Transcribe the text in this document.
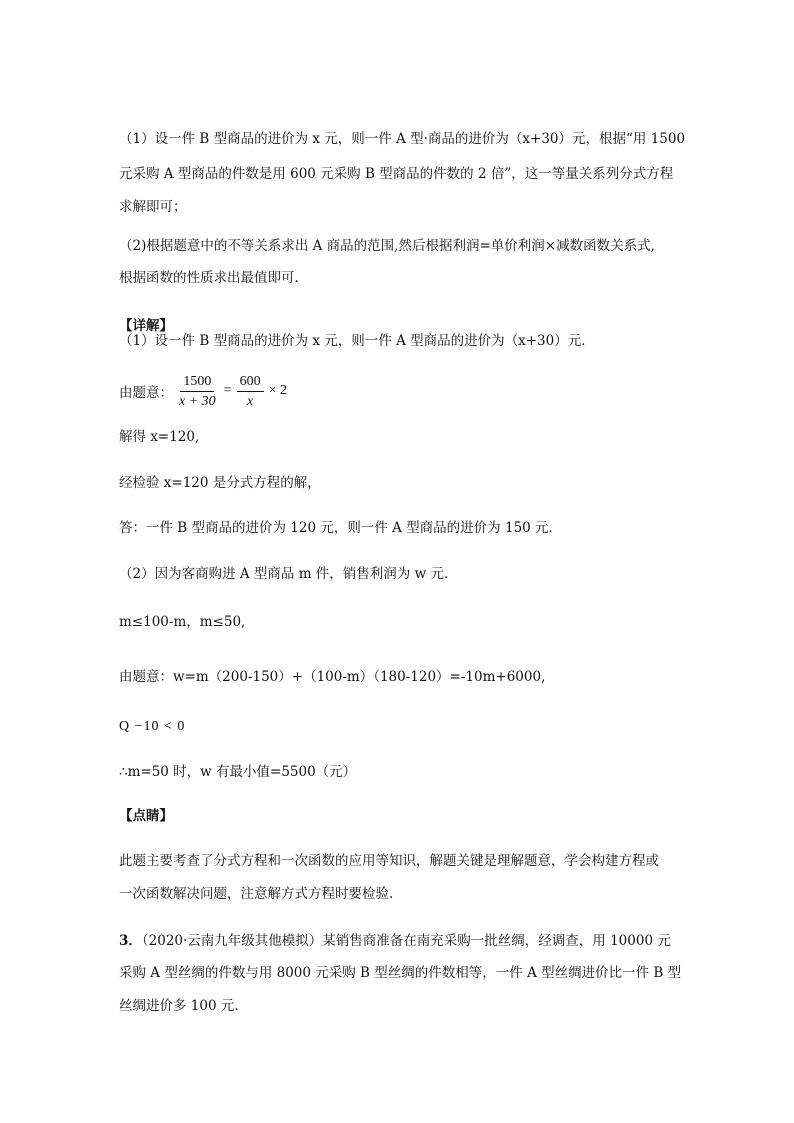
（1）设一件 B 型商品的进价为 x 元，则一件 A 型·商品的进价为（x+30）元，根据“用 1500
元采购 A 型商品的件数是用 600 元采购 B 型商品的件数的 2 倍”，这一等量关系列分式方程
求解即可；
（2)根据题意中的不等关系求出 A 商品的范围,然后根据利润=单价利润×减数函数关系式,
根据函数的性质求出最值即可.
【详解】
（1）设一件 B 型商品的进价为 x 元，则一件 A 型商品的进价为（x+30）元．
由题意： $\frac{1500}{x + 30} = \frac{600}{x} \times 2$
解得 x=120,
经检验 x=120 是分式方程的解，
答：一件 B 型商品的进价为 120 元，则一件 A 型商品的进价为 150 元．
（2）因为客商购进 A 型商品 m 件，销售利润为 w 元．
m≤100-m，m≤50,
由题意：w=m（200-150）+（100-m）（180-120）=-10m+6000,
Q −10 < 0
∴m=50 时，w 有最小值=5500（元）
【点睛】
此题主要考查了分式方程和一次函数的应用等知识，解题关键是理解题意，学会构建方程或
一次函数解决问题，注意解方式方程时要检验.
3．（2020·云南九年级其他模拟）某销售商准备在南充采购一批丝绸，经调查，用 10000 元
采购 A 型丝绸的件数与用 8000 元采购 B 型丝绸的件数相等，一件 A 型丝绸进价比一件 B 型
丝绸进价多 100 元．
